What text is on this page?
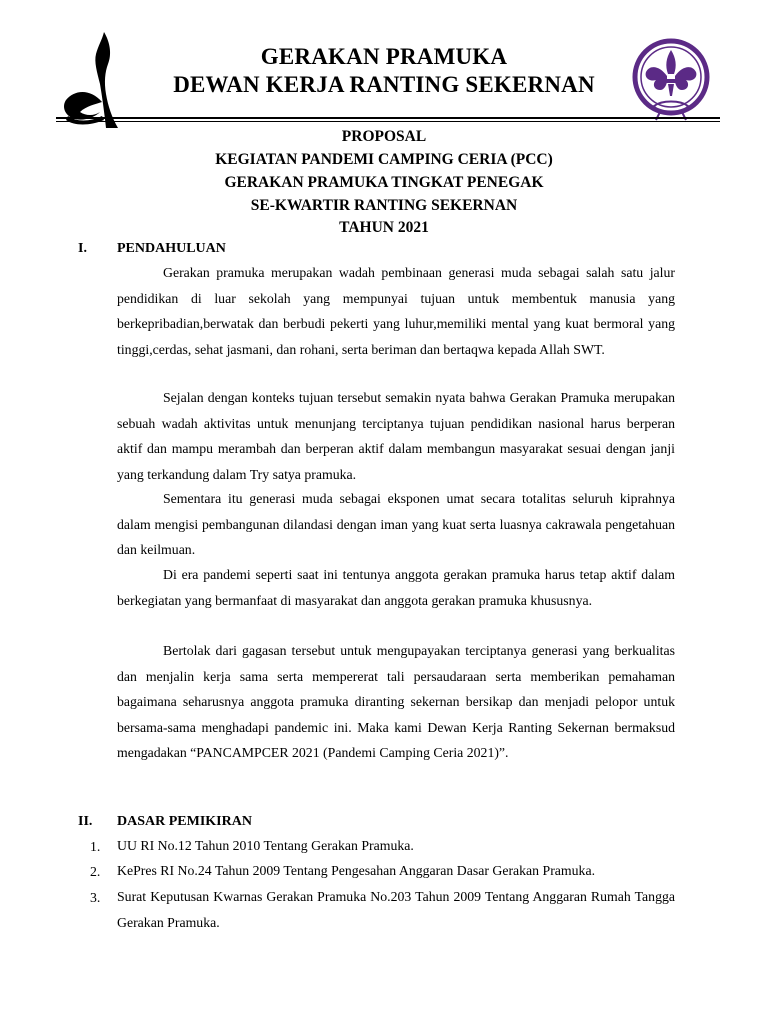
GERAKAN PRAMUKA
DEWAN KERJA RANTING SEKERNAN
PROPOSAL
KEGIATAN PANDEMI CAMPING CERIA (PCC)
GERAKAN PRAMUKA TINGKAT PENEGAK
SE-KWARTIR RANTING SEKERNAN
TAHUN 2021
I. PENDAHULUAN

Gerakan pramuka merupakan wadah pembinaan generasi muda sebagai salah satu jalur pendidikan di luar sekolah yang mempunyai tujuan untuk membentuk manusia yang berkepribadian,berwatak dan berbudi pekerti yang luhur,memiliki mental yang kuat bermoral yang tinggi,cerdas, sehat jasmani, dan rohani, serta beriman dan bertaqwa kepada Allah SWT.

Sejalan dengan konteks tujuan tersebut semakin nyata bahwa Gerakan Pramuka merupakan sebuah wadah aktivitas untuk menunjang terciptanya tujuan pendidikan nasional harus berperan aktif dan mampu merambah dan berperan aktif dalam membangun masyarakat sesuai dengan janji yang terkandung dalam Try satya pramuka.

Sementara itu generasi muda sebagai eksponen umat secara totalitas seluruh kiprahnya dalam mengisi pembangunan dilandasi dengan iman yang kuat serta luasnya cakrawala pengetahuan dan keilmuan.

Di era pandemi seperti saat ini tentunya anggota gerakan pramuka harus tetap aktif dalam berkegiatan yang bermanfaat di masyarakat dan anggota gerakan pramuka khususnya.

Bertolak dari gagasan tersebut untuk mengupayakan terciptanya generasi yang berkualitas dan menjalin kerja sama serta mempererat tali persaudaraan serta memberikan pemahaman bagaimana seharusnya anggota pramuka diranting sekernan bersikap dan menjadi pelopor untuk bersama-sama menghadapi pandemic ini. Maka kami Dewan Kerja Ranting Sekernan bermaksud mengadakan “PANCAMPCER 2021 (Pandemi Camping Ceria 2021)”.

II. DASAR PEMIKIRAN
1. UU RI No.12 Tahun 2010 Tentang Gerakan Pramuka.

2. KePres RI No.24 Tahun 2009 Tentang Pengesahan Anggaran Dasar Gerakan Pramuka.

3. Surat Keputusan Kwarnas Gerakan Pramuka No.203 Tahun 2009 Tentang Anggaran Rumah Tangga Gerakan Pramuka.
